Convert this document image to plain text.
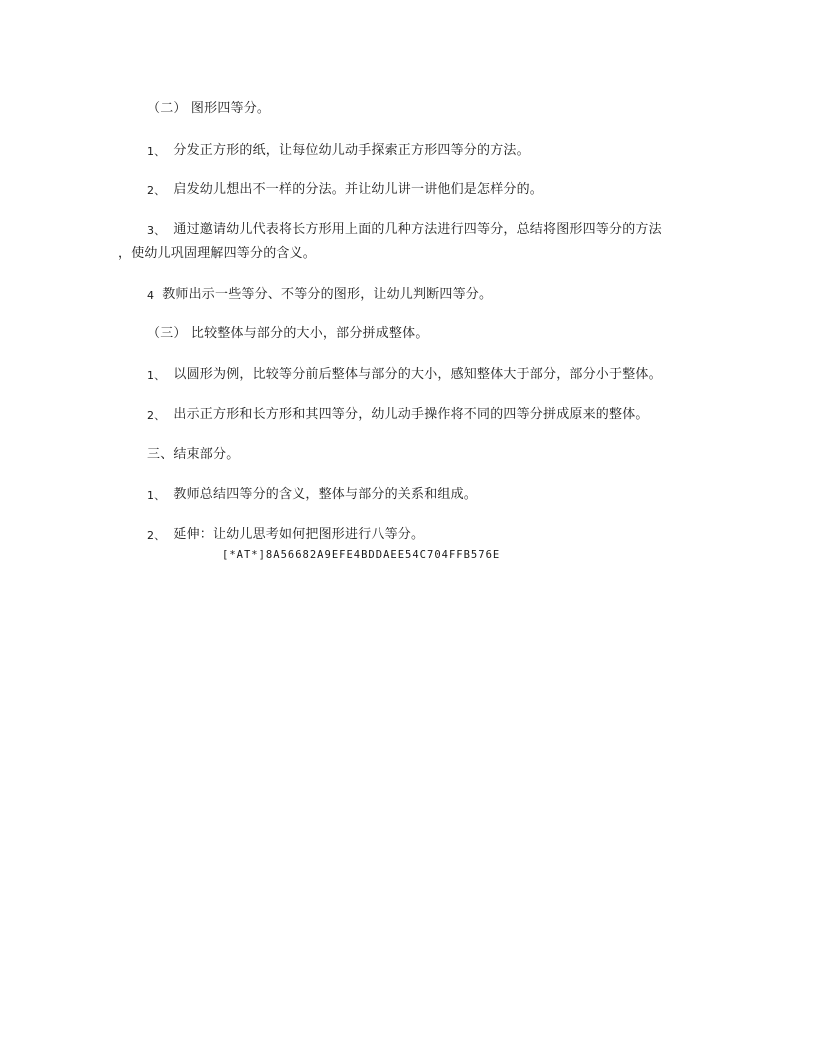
（二） 图形四等分。
1、 分发正方形的纸，让每位幼儿动手探索正方形四等分的方法。
2、 启发幼儿想出不一样的分法。并让幼儿讲一讲他们是怎样分的。
3、 通过邀请幼儿代表将长方形用上面的几种方法进行四等分，总结将图形四等分的方法
，使幼儿巩固理解四等分的含义。
4 教师出示一些等分、不等分的图形，让幼儿判断四等分。
（三） 比较整体与部分的大小，部分拼成整体。
1、 以圆形为例，比较等分前后整体与部分的大小，感知整体大于部分，部分小于整体。
2、 出示正方形和长方形和其四等分，幼儿动手操作将不同的四等分拼成原来的整体。
三、结束部分。
1、 教师总结四等分的含义，整体与部分的关系和组成。
2、 延伸：让幼儿思考如何把图形进行八等分。
[*AT*]8A56682A9EFE4BDDAEE54C704FFB576E
